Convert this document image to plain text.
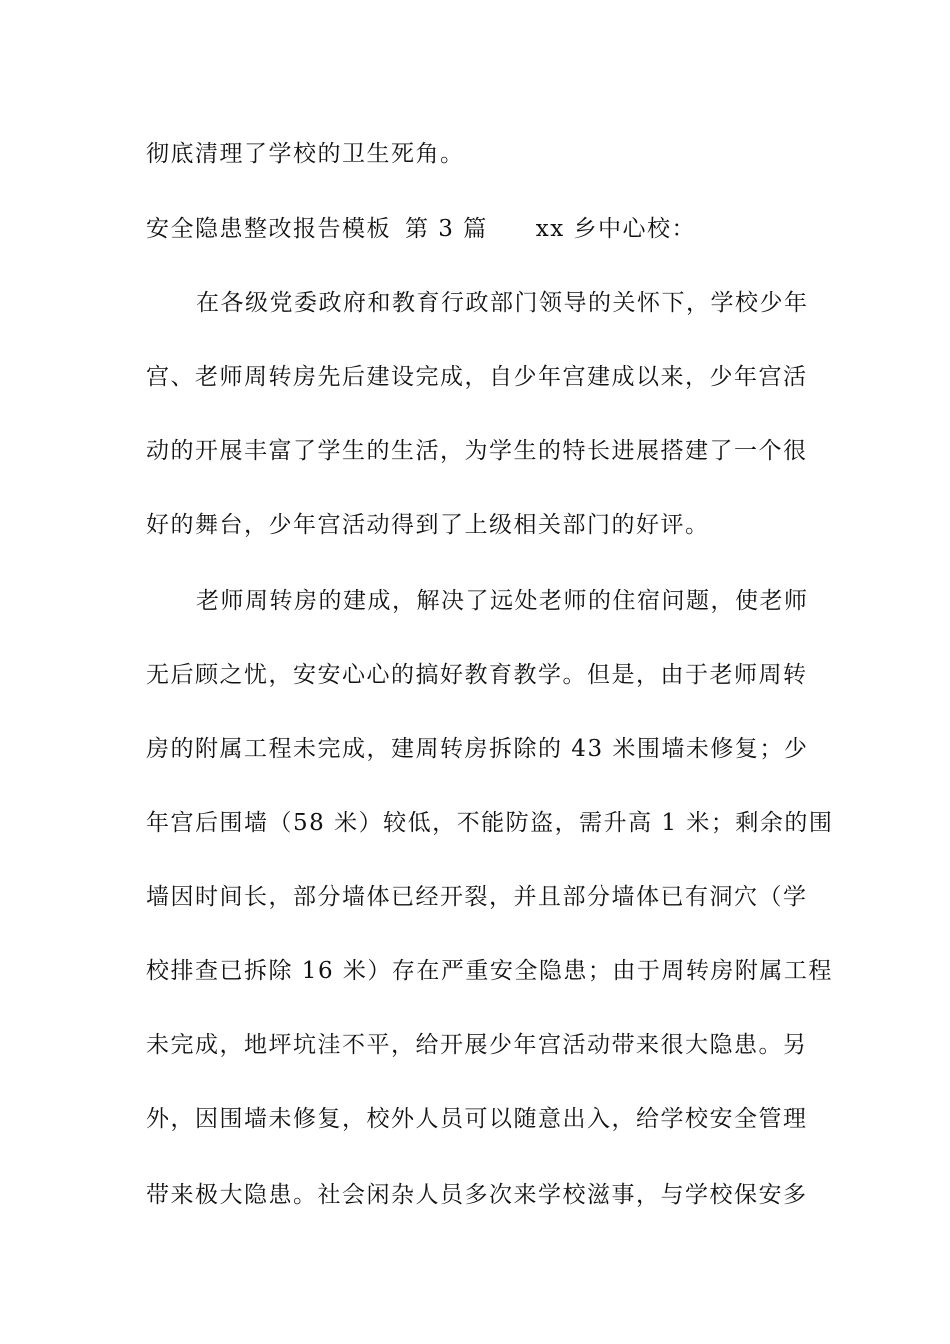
彻底清理了学校的卫生死角。
安全隐患整改报告模板 第 3 篇 xx 乡中心校：
在各级党委政府和教育行政部门领导的关怀下，学校少年
宫、老师周转房先后建设完成，自少年宫建成以来，少年宫活
动的开展丰富了学生的生活，为学生的特长进展搭建了一个很
好的舞台，少年宫活动得到了上级相关部门的好评。
老师周转房的建成，解决了远处老师的住宿问题，使老师
无后顾之忧，安安心心的搞好教育教学。但是，由于老师周转
房的附属工程未完成，建周转房拆除的 43 米围墙未修复；少
年宫后围墙（58 米）较低，不能防盗，需升高 1 米；剩余的围
墙因时间长，部分墙体已经开裂，并且部分墙体已有洞穴（学
校排查已拆除 16 米）存在严重安全隐患；由于周转房附属工程
未完成，地坪坑洼不平，给开展少年宫活动带来很大隐患。另
外，因围墙未修复，校外人员可以随意出入，给学校安全管理
带来极大隐患。社会闲杂人员多次来学校滋事，与学校保安多
